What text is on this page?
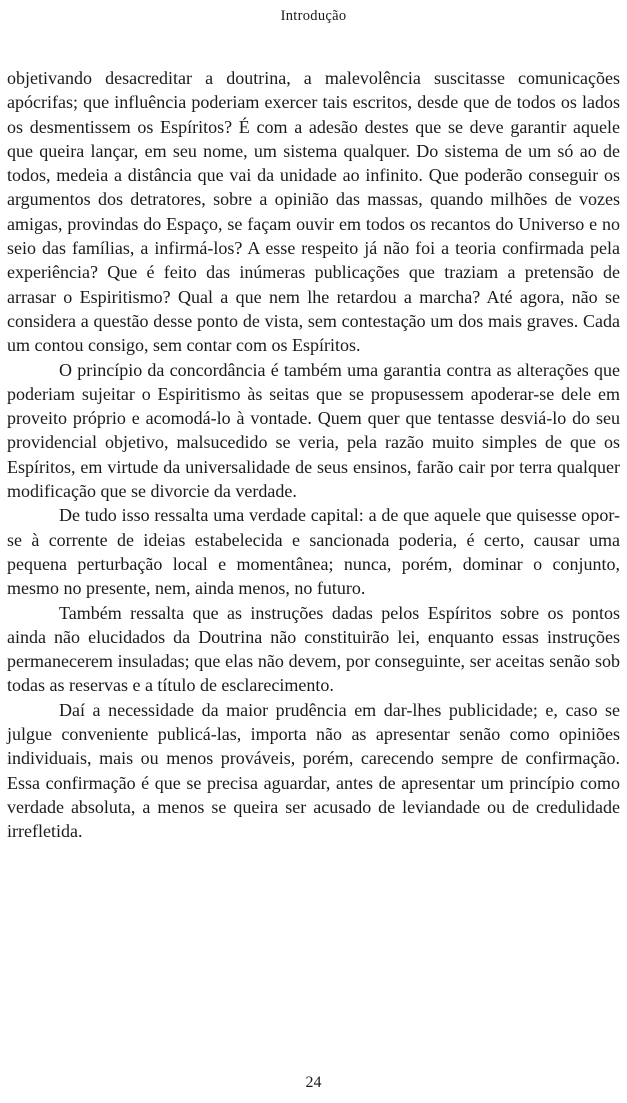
Introdução

objetivando desacreditar a doutrina, a malevolência suscitasse comunicações apócrifas; que influência poderiam exercer tais escritos, desde que de todos os lados os desmentissem os Espíritos? É com a adesão destes que se deve garantir aquele que queira lançar, em seu nome, um sistema qualquer. Do sistema de um só ao de todos, medeia a distância que vai da unidade ao infinito. Que poderão conseguir os argumentos dos detratores, sobre a opinião das massas, quando milhões de vozes amigas, provindas do Espaço, se façam ouvir em todos os recantos do Universo e no seio das famílias, a infirmá-los? A esse respeito já não foi a teoria confirmada pela experiência? Que é feito das inúmeras publicações que traziam a pretensão de arrasar o Espiritismo? Qual a que nem lhe retardou a marcha? Até agora, não se considera a questão desse ponto de vista, sem contestação um dos mais graves. Cada um contou consigo, sem contar com os Espíritos.

O princípio da concordância é também uma garantia contra as alterações que poderiam sujeitar o Espiritismo às seitas que se propusessem apoderar-se dele em proveito próprio e acomodá-lo à vontade. Quem quer que tentasse desviá-lo do seu providencial objetivo, malsucedido se veria, pela razão muito simples de que os Espíritos, em virtude da universalidade de seus ensinos, farão cair por terra qualquer modificação que se divorcie da verdade.

De tudo isso ressalta uma verdade capital: a de que aquele que quisesse opor-se à corrente de ideias estabelecida e sancionada poderia, é certo, causar uma pequena perturbação local e momentânea; nunca, porém, dominar o conjunto, mesmo no presente, nem, ainda menos, no futuro.

Também ressalta que as instruções dadas pelos Espíritos sobre os pontos ainda não elucidados da Doutrina não constituirão lei, enquanto essas instruções permanecerem insuladas; que elas não devem, por conseguinte, ser aceitas senão sob todas as reservas e a título de esclarecimento.

Daí a necessidade da maior prudência em dar-lhes publicidade; e, caso se julgue conveniente publicá-las, importa não as apresentar senão como opiniões individuais, mais ou menos prováveis, porém, carecendo sempre de confirmação. Essa confirmação é que se precisa aguardar, antes de apresentar um princípio como verdade absoluta, a menos se queira ser acusado de leviandade ou de credulidade irrefletida.

24
